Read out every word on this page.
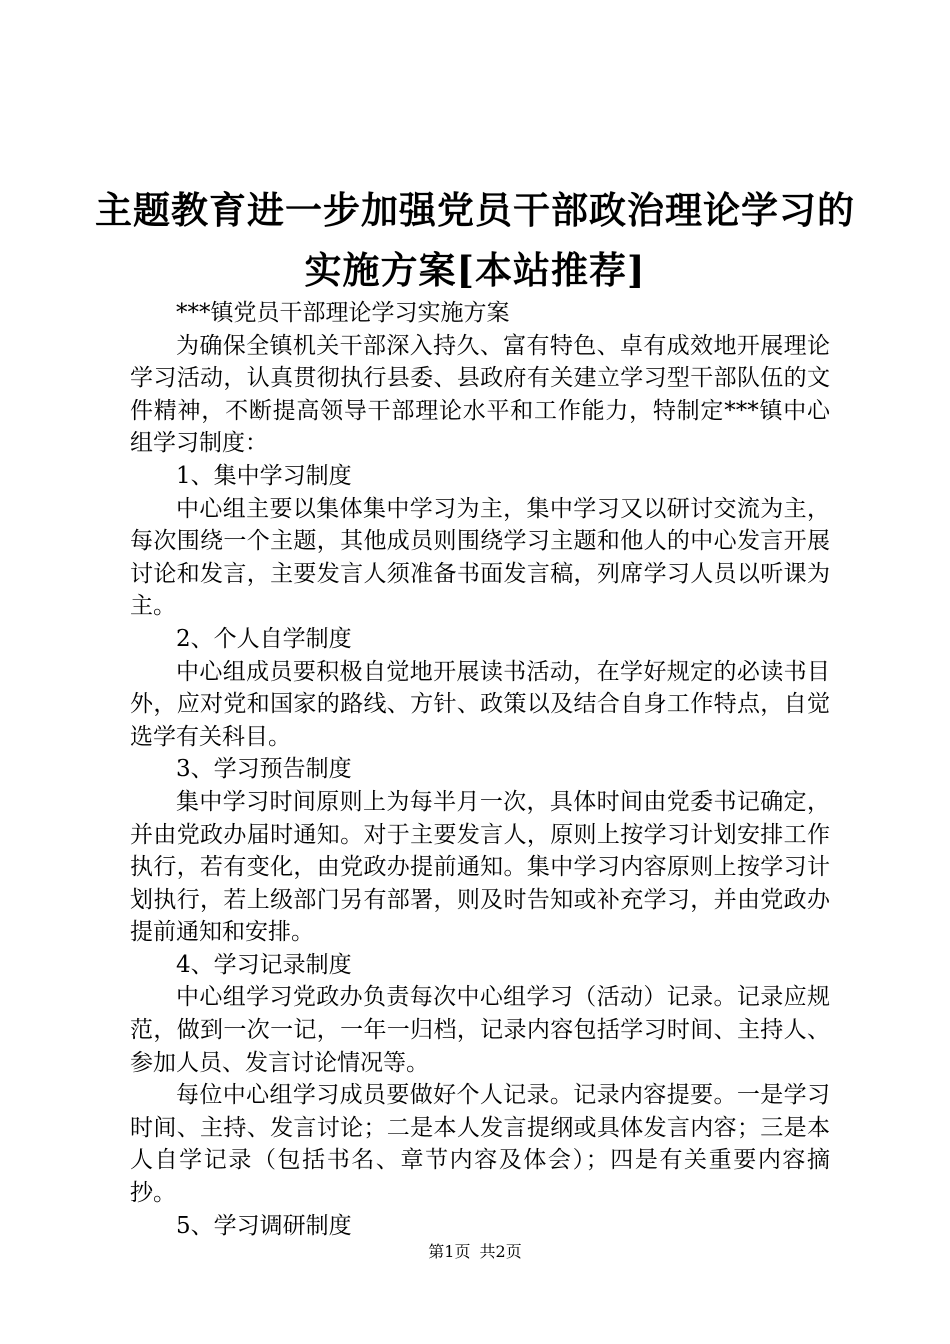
主题教育进一步加强党员干部政治理论学习的
实施方案[本站推荐]

***镇党员干部理论学习实施方案

为确保全镇机关干部深入持久、富有特色、卓有成效地开展理论学习活动，认真贯彻执行县委、县政府有关建立学习型干部队伍的文件精神，不断提高领导干部理论水平和工作能力，特制定***镇中心组学习制度：

1、集中学习制度

中心组主要以集体集中学习为主，集中学习又以研讨交流为主，每次围绕一个主题，其他成员则围绕学习主题和他人的中心发言开展讨论和发言，主要发言人须准备书面发言稿，列席学习人员以听课为主。

2、个人自学制度

中心组成员要积极自觉地开展读书活动，在学好规定的必读书目外，应对党和国家的路线、方针、政策以及结合自身工作特点，自觉选学有关科目。

3、学习预告制度

集中学习时间原则上为每半月一次，具体时间由党委书记确定，并由党政办届时通知。对于主要发言人，原则上按学习计划安排工作执行，若有变化，由党政办提前通知。集中学习内容原则上按学习计划执行，若上级部门另有部署，则及时告知或补充学习，并由党政办提前通知和安排。

4、学习记录制度

中心组学习党政办负责每次中心组学习（活动）记录。记录应规范，做到一次一记，一年一归档，记录内容包括学习时间、主持人、参加人员、发言讨论情况等。

每位中心组学习成员要做好个人记录。记录内容提要。一是学习时间、主持、发言讨论；二是本人发言提纲或具体发言内容；三是本人自学记录（包括书名、章节内容及体会）；四是有关重要内容摘抄。

5、学习调研制度

第1页 共2页
